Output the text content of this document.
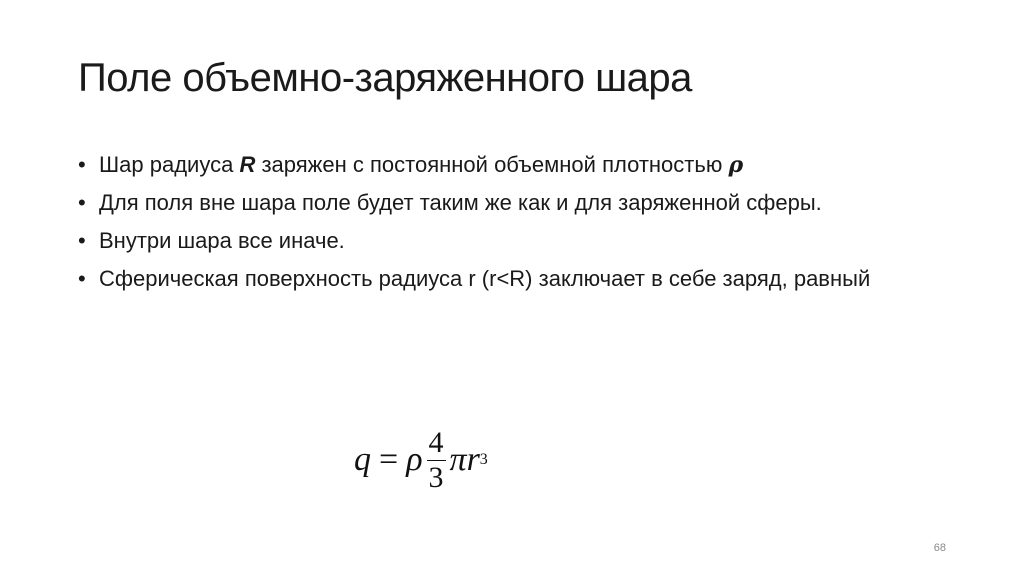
Поле объемно-заряженного шара
• Шар радиуса R заряжен с постоянной объемной плотностью ρ
• Для поля вне шара поле будет таким же как и для заряженной сферы.
• Внутри шара все иначе.
• Сферическая поверхность радиуса r (r<R) заключает в себе заряд, равный
q = ρ $\frac{4}{3}$ π r 3
68
